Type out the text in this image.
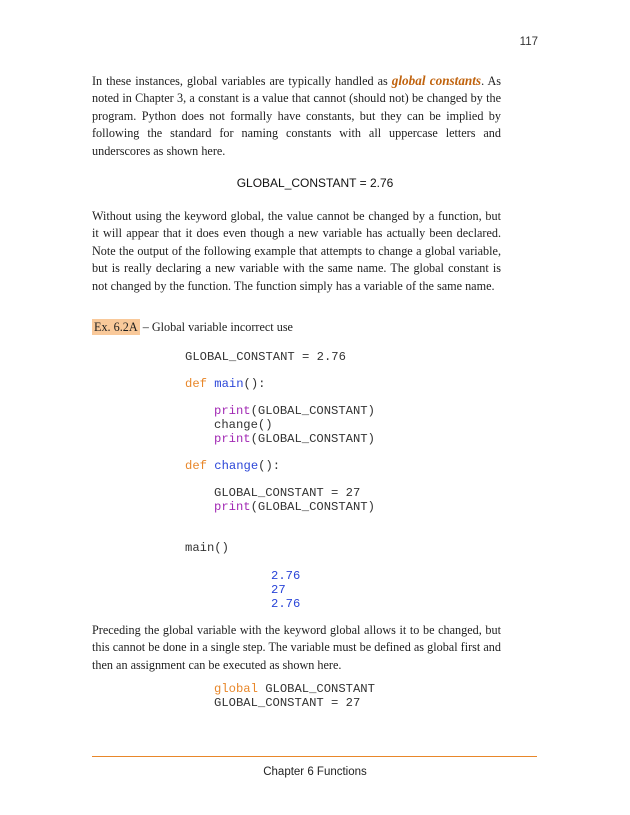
117
In these instances, global variables are typically handled as global constants. As noted in Chapter 3, a constant is a value that cannot (should not) be changed by the program. Python does not formally have constants, but they can be implied by following the standard for naming constants with all uppercase letters and underscores as shown here.
GLOBAL_CONSTANT = 2.76
Without using the keyword global, the value cannot be changed by a function, but it will appear that it does even though a new variable has actually been declared. Note the output of the following example that attempts to change a global variable, but is really declaring a new variable with the same name. The global constant is not changed by the function. The function simply has a variable of the same name.
Ex. 6.2A – Global variable incorrect use
GLOBAL_CONSTANT = 2.76
def main():
print(GLOBAL_CONSTANT)
change()
print(GLOBAL_CONSTANT)
def change():
GLOBAL_CONSTANT = 27
print(GLOBAL_CONSTANT)
main()
2.76
27
2.76
Preceding the global variable with the keyword global allows it to be changed, but this cannot be done in a single step. The variable must be defined as global first and then an assignment can be executed as shown here.
global GLOBAL_CONSTANT
GLOBAL_CONSTANT = 27
Chapter 6 Functions
